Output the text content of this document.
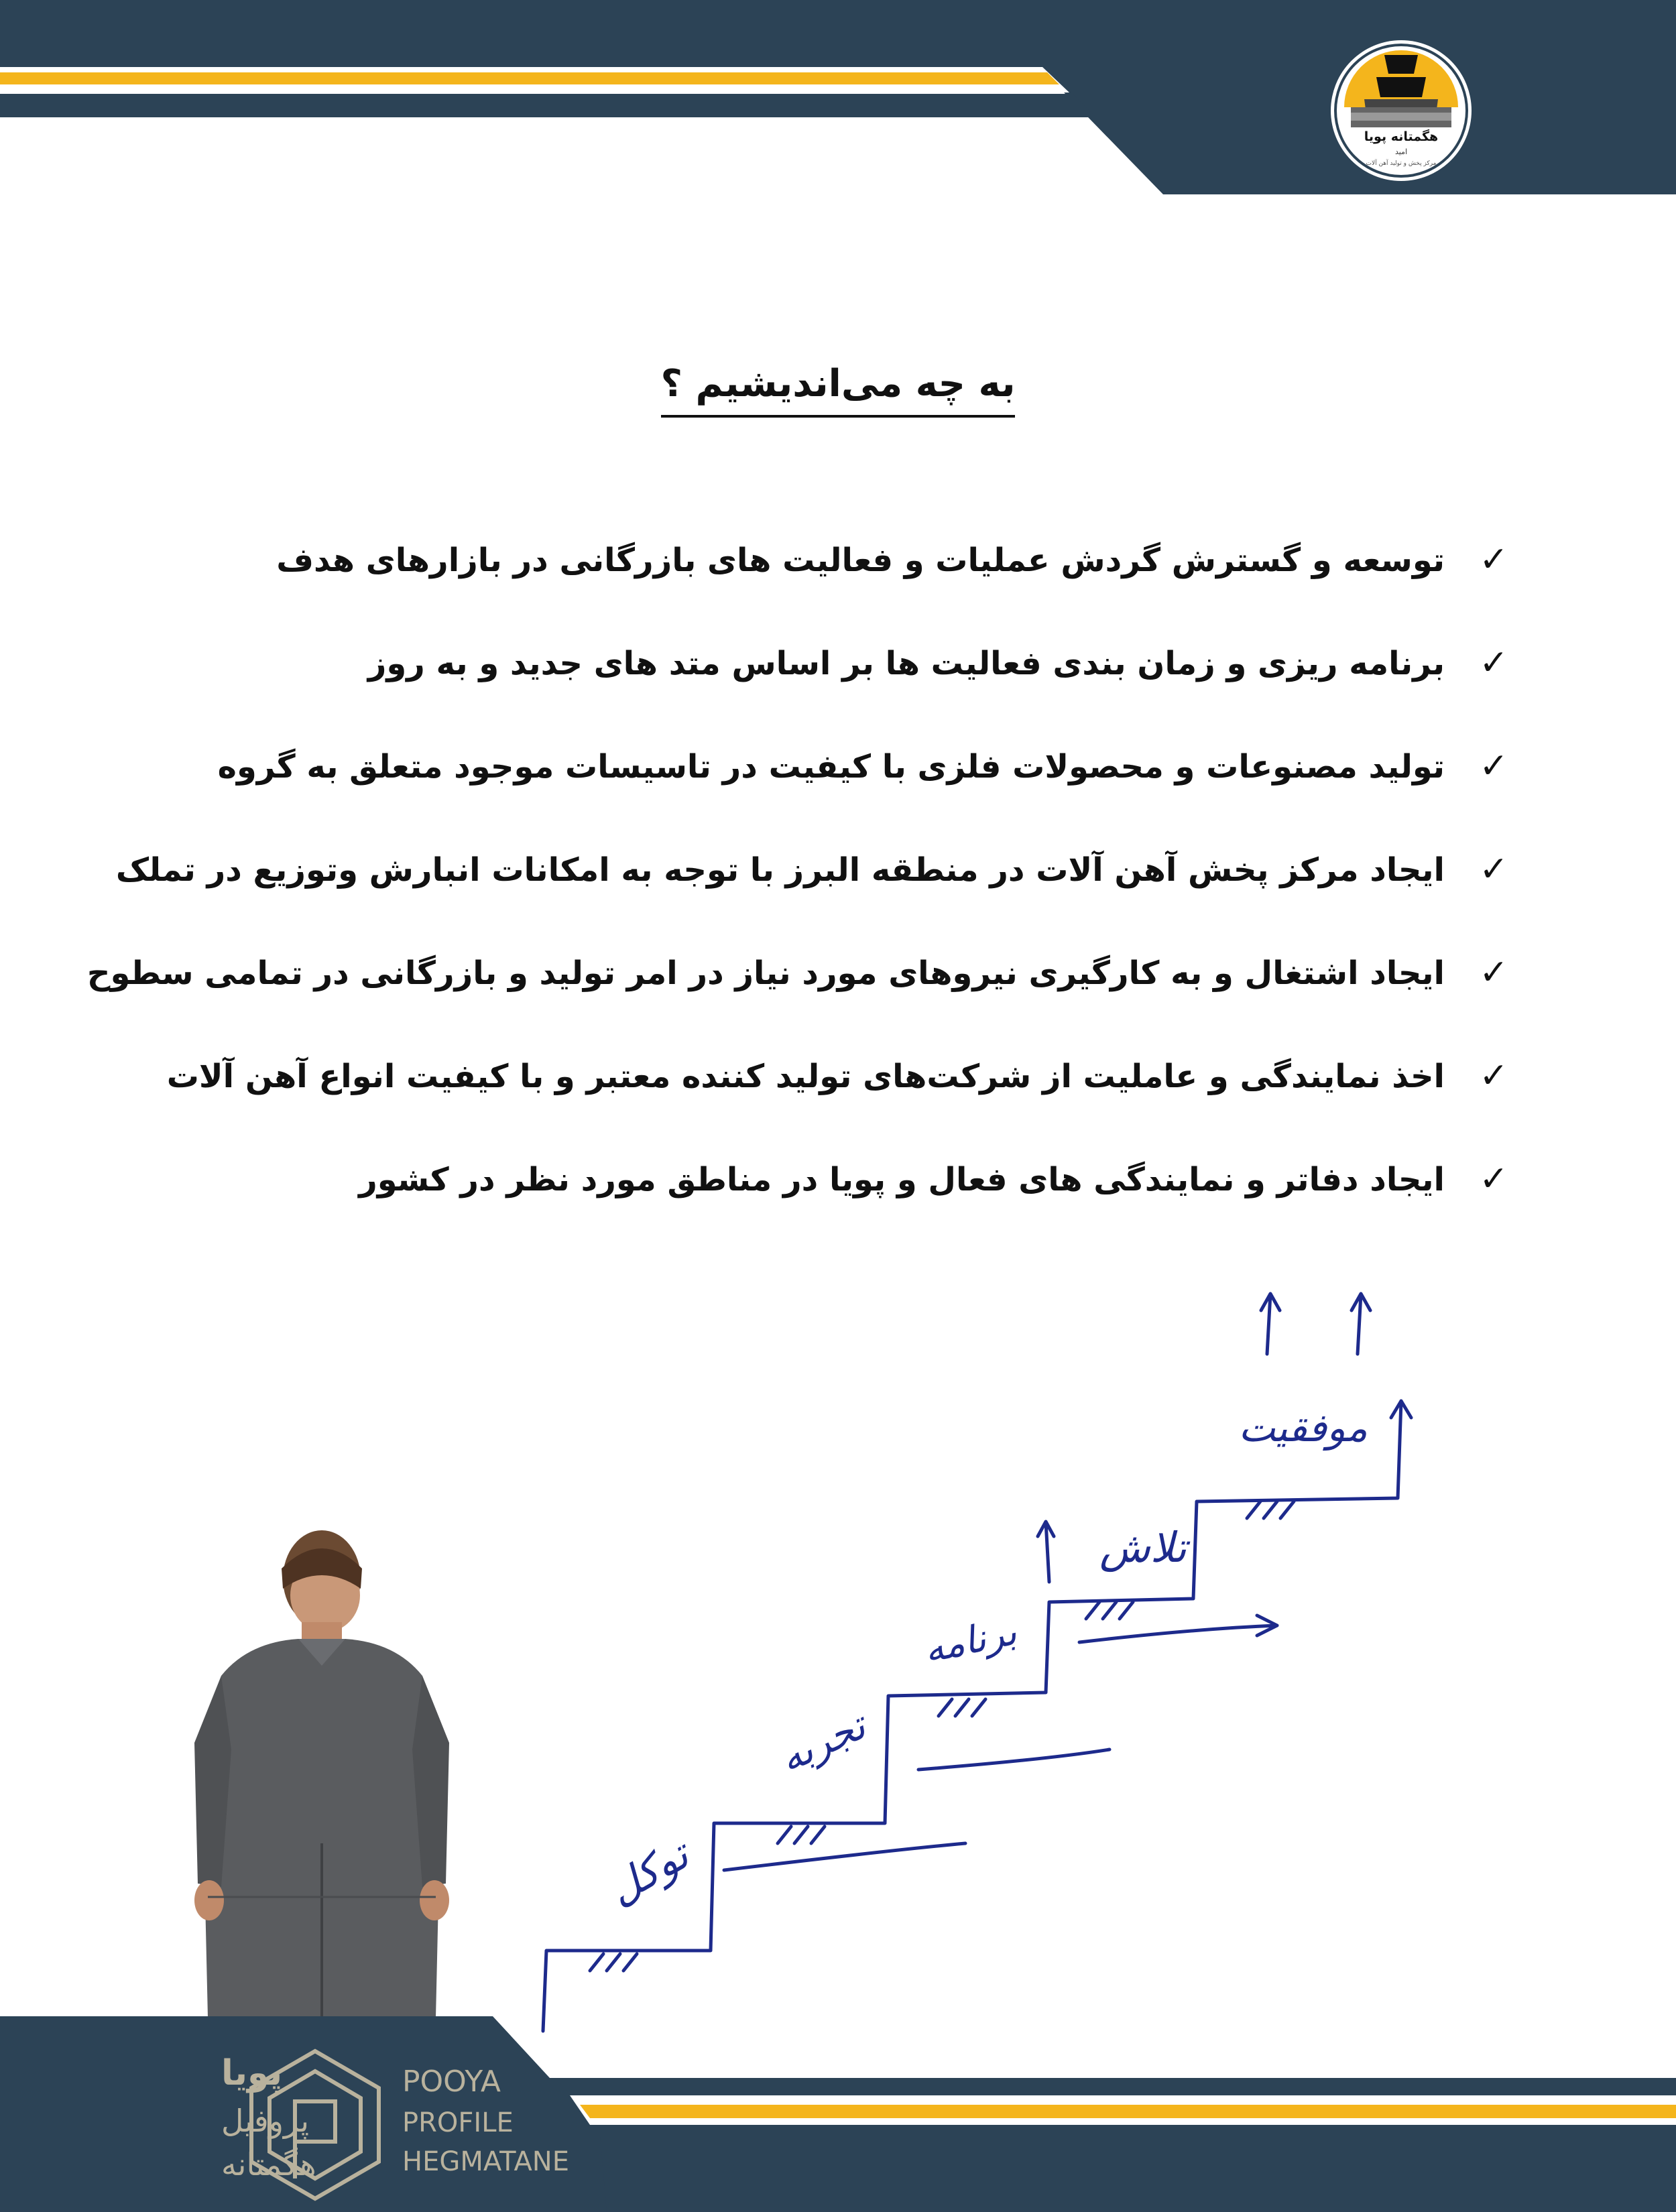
هگمتانه پویا
امید
مرکز پخش و تولید آهن آلات
به چه می‌اندیشیم ؟
✓توسعه و گسترش گردش عملیات و فعالیت های بازرگانی در بازارهای هدف
✓برنامه ریزی و زمان بندی فعالیت ها بر اساس متد های جدید و به روز
✓تولید مصنوعات و محصولات فلزی با کیفیت در تاسیسات موجود متعلق به گروه
✓ایجاد مرکز پخش آهن آلات در منطقه البرز با توجه به امکانات انبارش وتوزیع در تملک
✓ایجاد اشتغال و به کارگیری نیروهای مورد نیاز در امر تولید و بازرگانی در تمامی سطوح
✓اخذ نمایندگی و عاملیت از شرکت‌های تولید کننده معتبر و با کیفیت انواع آهن آلات
✓ایجاد دفاتر و نمایندگی های فعال و پویا در مناطق مورد نظر در کشور
توکل
تجربه
برنامه
تلاش
موفقیت
پویا
پروفیل
هگمتانه
POOYA
PROFILE
HEGMATANE
